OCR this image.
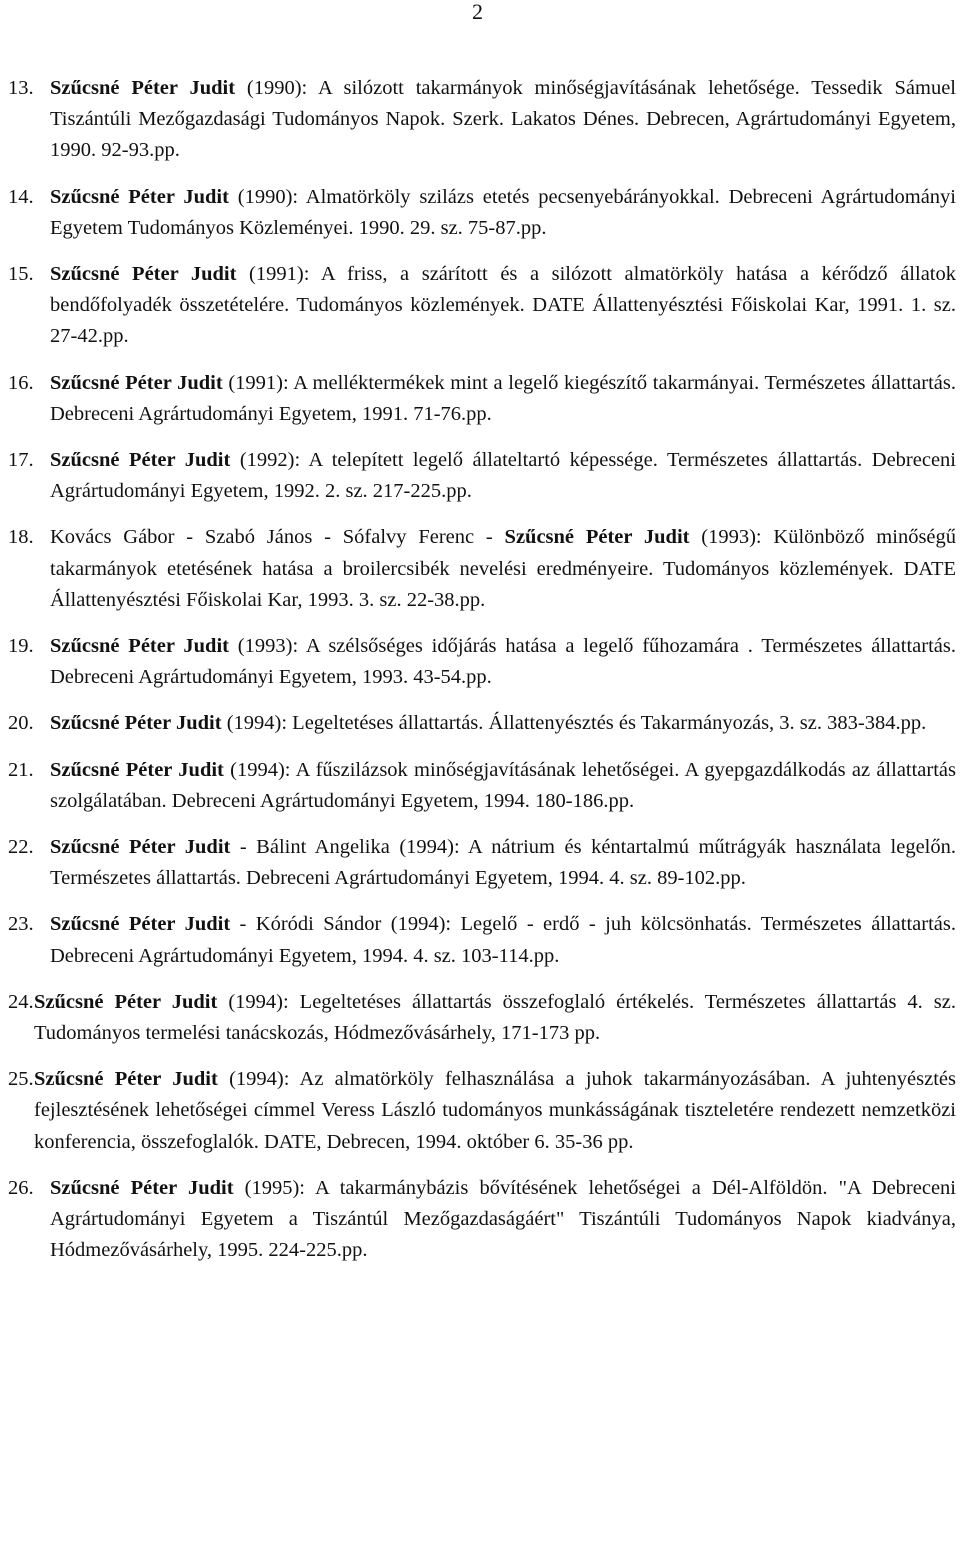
2
13. Szűcsné Péter Judit (1990): A silózott takarmányok minőségjavításának lehetősége. Tessedik Sámuel Tiszántúli Mezőgazdasági Tudományos Napok. Szerk. Lakatos Dénes. Debrecen, Agrártudományi Egyetem, 1990. 92-93.pp.
14. Szűcsné Péter Judit (1990): Almatörköly szilázs etetés pecsenyebárányokkal. Debreceni Agrártudományi Egyetem Tudományos Közleményei. 1990. 29. sz. 75-87.pp.
15. Szűcsné Péter Judit (1991): A friss, a szárított és a silózott almatörköly hatása a kérődző állatok bendőfolyadék összetételére. Tudományos közlemények. DATE Állattenyésztési Főiskolai Kar, 1991. 1. sz. 27-42.pp.
16. Szűcsné Péter Judit (1991): A melléktermékek mint a legelő kiegészítő takarmányai. Természetes állattartás. Debreceni Agrártudományi Egyetem, 1991. 71-76.pp.
17. Szűcsné Péter Judit (1992): A telepített legelő állateltartó képessége. Természetes állattartás. Debreceni Agrártudományi Egyetem, 1992. 2. sz. 217-225.pp.
18. Kovács Gábor - Szabó János - Sófalvy Ferenc - Szűcsné Péter Judit (1993): Különböző minőségű takarmányok etetésének hatása a broilercsibék nevelési eredményeire. Tudományos közlemények. DATE Állattenyésztési Főiskolai Kar, 1993. 3. sz. 22-38.pp.
19. Szűcsné Péter Judit (1993): A szélsőséges időjárás hatása a legelő fűhozamára . Természetes állattartás. Debreceni Agrártudományi Egyetem, 1993. 43-54.pp.
20. Szűcsné Péter Judit (1994): Legeltetéses állattartás. Állattenyésztés és Takarmányozás, 3. sz. 383-384.pp.
21. Szűcsné Péter Judit (1994): A fűszilázsok minőségjavításának lehetőségei. A gyepgazdálkodás az állattartás szolgálatában. Debreceni Agrártudományi Egyetem, 1994. 180-186.pp.
22. Szűcsné Péter Judit - Bálint Angelika (1994): A nátrium és kéntartalmú műtrágyák használata legelőn. Természetes állattartás. Debreceni Agrártudományi Egyetem, 1994. 4. sz. 89-102.pp.
23. Szűcsné Péter Judit - Kóródi Sándor (1994): Legelő - erdő - juh kölcsönhatás. Természetes állattartás. Debreceni Agrártudományi Egyetem, 1994. 4. sz. 103-114.pp.
24. Szűcsné Péter Judit (1994): Legeltetéses állattartás összefoglaló értékelés. Természetes állattartás 4. sz. Tudományos termelési tanácskozás, Hódmezővásárhely, 171-173 pp.
25. Szűcsné Péter Judit (1994): Az almatörköly felhasználása a juhok takarmányozásában. A juhtenyésztés fejlesztésének lehetőségei címmel Veress László tudományos munkásságának tiszteletére rendezett nemzetközi konferencia, összefoglalók. DATE, Debrecen, 1994. október 6. 35-36 pp.
26. Szűcsné Péter Judit (1995): A takarmánybázis bővítésének lehetőségei a Dél-Alföldön. "A Debreceni Agrártudományi Egyetem a Tiszántúl Mezőgazdaságáért" Tiszántúli Tudományos Napok kiadványa, Hódmezővásárhely, 1995. 224-225.pp.
